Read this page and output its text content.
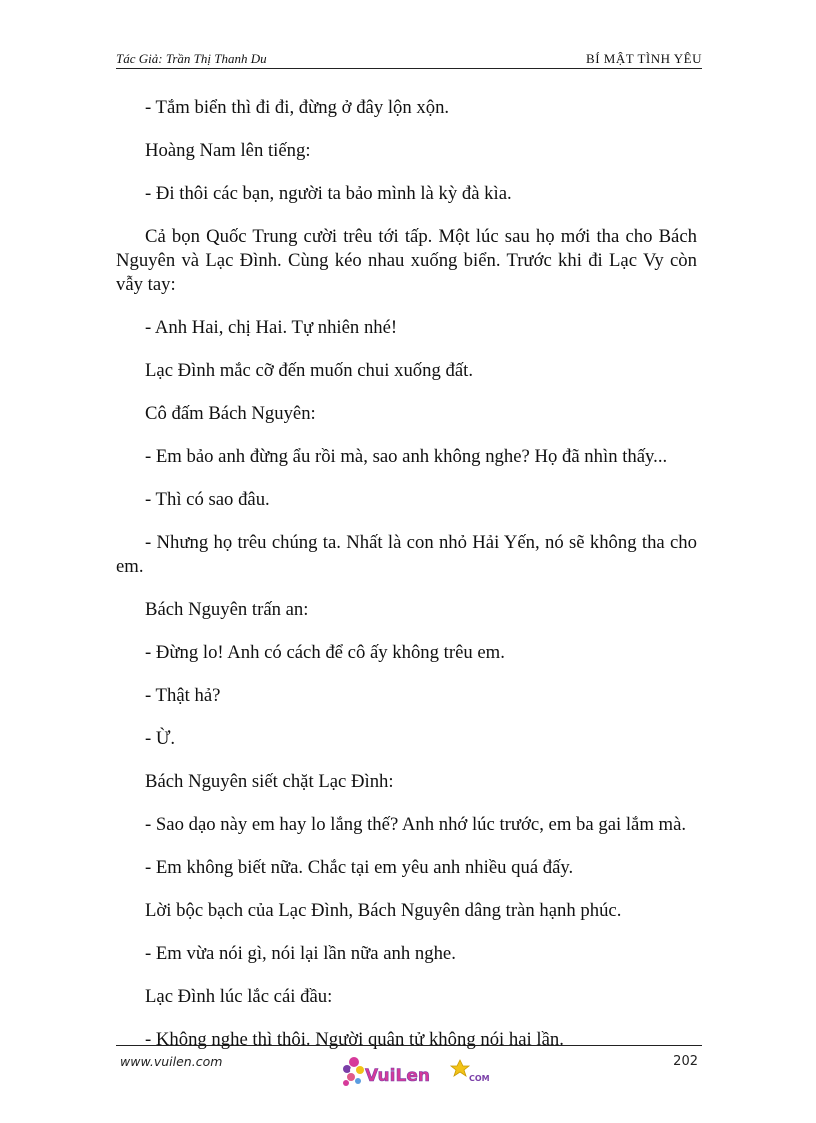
Tác Giả: Trần Thị Thanh Du	BÍ MẬT TÌNH YÊU

- Tắm biển thì đi đi, đừng ở đây lộn xộn.

Hoàng Nam lên tiếng:

- Đi thôi các bạn, người ta bảo mình là kỳ đà kìa.

Cả bọn Quốc Trung cười trêu tới tấp. Một lúc sau họ mới tha cho Bách Nguyên và Lạc Đình. Cùng kéo nhau xuống biển. Trước khi đi Lạc Vy còn vẫy tay:

- Anh Hai, chị Hai. Tự nhiên nhé!

Lạc Đình mắc cỡ đến muốn chui xuống đất.

Cô đấm Bách Nguyên:

- Em bảo anh đừng ẩu rồi mà, sao anh không nghe? Họ đã nhìn thấy...

- Thì có sao đâu.

- Nhưng họ trêu chúng ta. Nhất là con nhỏ Hải Yến, nó sẽ không tha cho em.

Bách Nguyên trấn an:

- Đừng lo! Anh có cách để cô ấy không trêu em.

- Thật hả?

- Ừ.

Bách Nguyên siết chặt Lạc Đình:

- Sao dạo này em hay lo lắng thế? Anh nhớ lúc trước, em ba gai lắm mà.

- Em không biết nữa. Chắc tại em yêu anh nhiều quá đấy.

Lời bộc bạch của Lạc Đình, Bách Nguyên dâng tràn hạnh phúc.

- Em vừa nói gì, nói lại lần nữa anh nghe.

Lạc Đình lúc lắc cái đầu:

- Không nghe thì thôi. Người quân tử không nói hai lần.

www.vuilen.com	202
VuiLen	COM
